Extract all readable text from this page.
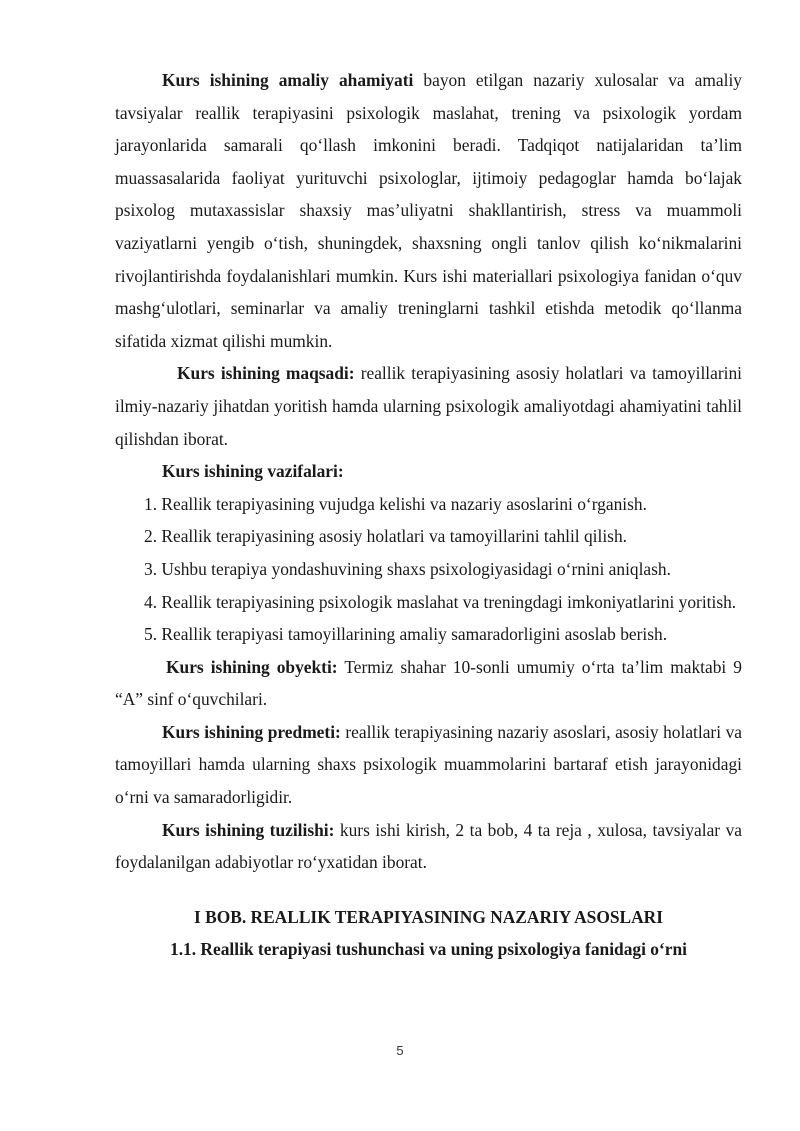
Kurs ishining amaliy ahamiyati bayon etilgan nazariy xulosalar va amaliy tavsiyalar reallik terapiyasini psixologik maslahat, trening va psixologik yordam jarayonlarida samarali qo‘llash imkonini beradi. Tadqiqot natijalaridan ta’lim muassasalarida faoliyat yurituvchi psixologlar, ijtimoiy pedagoglar hamda bo‘lajak psixolog mutaxassislar shaxsiy mas’uliyatni shakllantirish, stress va muammoli vaziyatlarni yengib o‘tish, shuningdek, shaxsning ongli tanlov qilish ko‘nikmalarini rivojlantirishda foydalanishlari mumkin. Kurs ishi materiallari psixologiya fanidan o‘quv mashg‘ulotlari, seminarlar va amaliy treninglarni tashkil etishda metodik qo‘llanma sifatida xizmat qilishi mumkin.

Kurs ishining maqsadi: reallik terapiyasining asosiy holatlari va tamoyillarini ilmiy-nazariy jihatdan yoritish hamda ularning psixologik amaliyotdagi ahamiyatini tahlil qilishdan iborat.

Kurs ishining vazifalari:

1. Reallik terapiyasining vujudga kelishi va nazariy asoslarini o‘rganish.

2. Reallik terapiyasining asosiy holatlari va tamoyillarini tahlil qilish.

3. Ushbu terapiya yondashuvining shaxs psixologiyasidagi o‘rnini aniqlash.

4. Reallik terapiyasining psixologik maslahat va treningdagi imkoniyatlarini yoritish.

5. Reallik terapiyasi tamoyillarining amaliy samaradorligini asoslab berish.

Kurs ishining obyekti: Termiz shahar 10-sonli umumiy o‘rta ta’lim maktabi 9 “A” sinf o‘quvchilari.

Kurs ishining predmeti: reallik terapiyasining nazariy asoslari, asosiy holatlari va tamoyillari hamda ularning shaxs psixologik muammolarini bartaraf etish jarayonidagi o‘rni va samaradorligidir.

Kurs ishining tuzilishi: kurs ishi kirish, 2 ta bob, 4 ta reja , xulosa, tavsiyalar va foydalanilgan adabiyotlar ro‘yxatidan iborat.

I BOB. REALLIK TERAPIYASINING NAZARIY ASOSLARI

1.1. Reallik terapiyasi tushunchasi va uning psixologiya fanidagi o‘rni

5
